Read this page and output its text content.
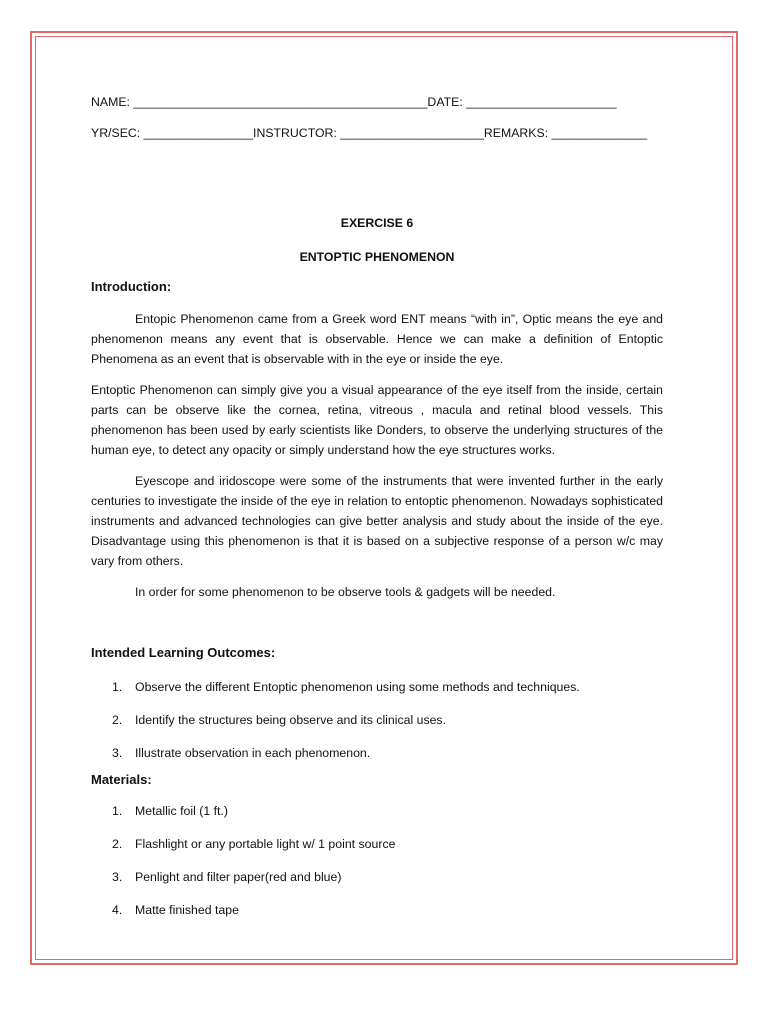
NAME: ___________________________________________DATE: ______________________

YR/SEC: ________________INSTRUCTOR: _____________________REMARKS: ______________

EXERCISE 6

ENTOPTIC PHENOMENON

Introduction:

Entopic Phenomenon came from a Greek word ENT means “with in”, Optic means the eye and phenomenon means any event that is observable. Hence we can make a definition of Entoptic Phenomena as an event that is observable with in the eye or inside the eye.

Entoptic Phenomenon can simply give you a visual appearance of the eye itself from the inside, certain parts can be observe like the cornea, retina, vitreous , macula and retinal blood vessels. This phenomenon has been used by early scientists like Donders, to observe the underlying structures of the human eye, to detect any opacity or simply understand how the eye structures works.

Eyescope and iridoscope were some of the instruments that were invented further in the early centuries to investigate the inside of the eye in relation to entoptic phenomenon. Nowadays sophisticated instruments and advanced technologies can give better analysis and study about the inside of the eye. Disadvantage using this phenomenon is that it is based on a subjective response of a person w/c may vary from others.

In order for some phenomenon to be observe tools & gadgets will be needed.

Intended Learning Outcomes:

1. Observe the different Entoptic phenomenon using some methods and techniques.
2. Identify the structures being observe and its clinical uses.
3. Illustrate observation in each phenomenon.

Materials:

1. Metallic foil (1 ft.)
2. Flashlight or any portable light w/ 1 point source
3. Penlight and filter paper(red and blue)
4. Matte finished tape
